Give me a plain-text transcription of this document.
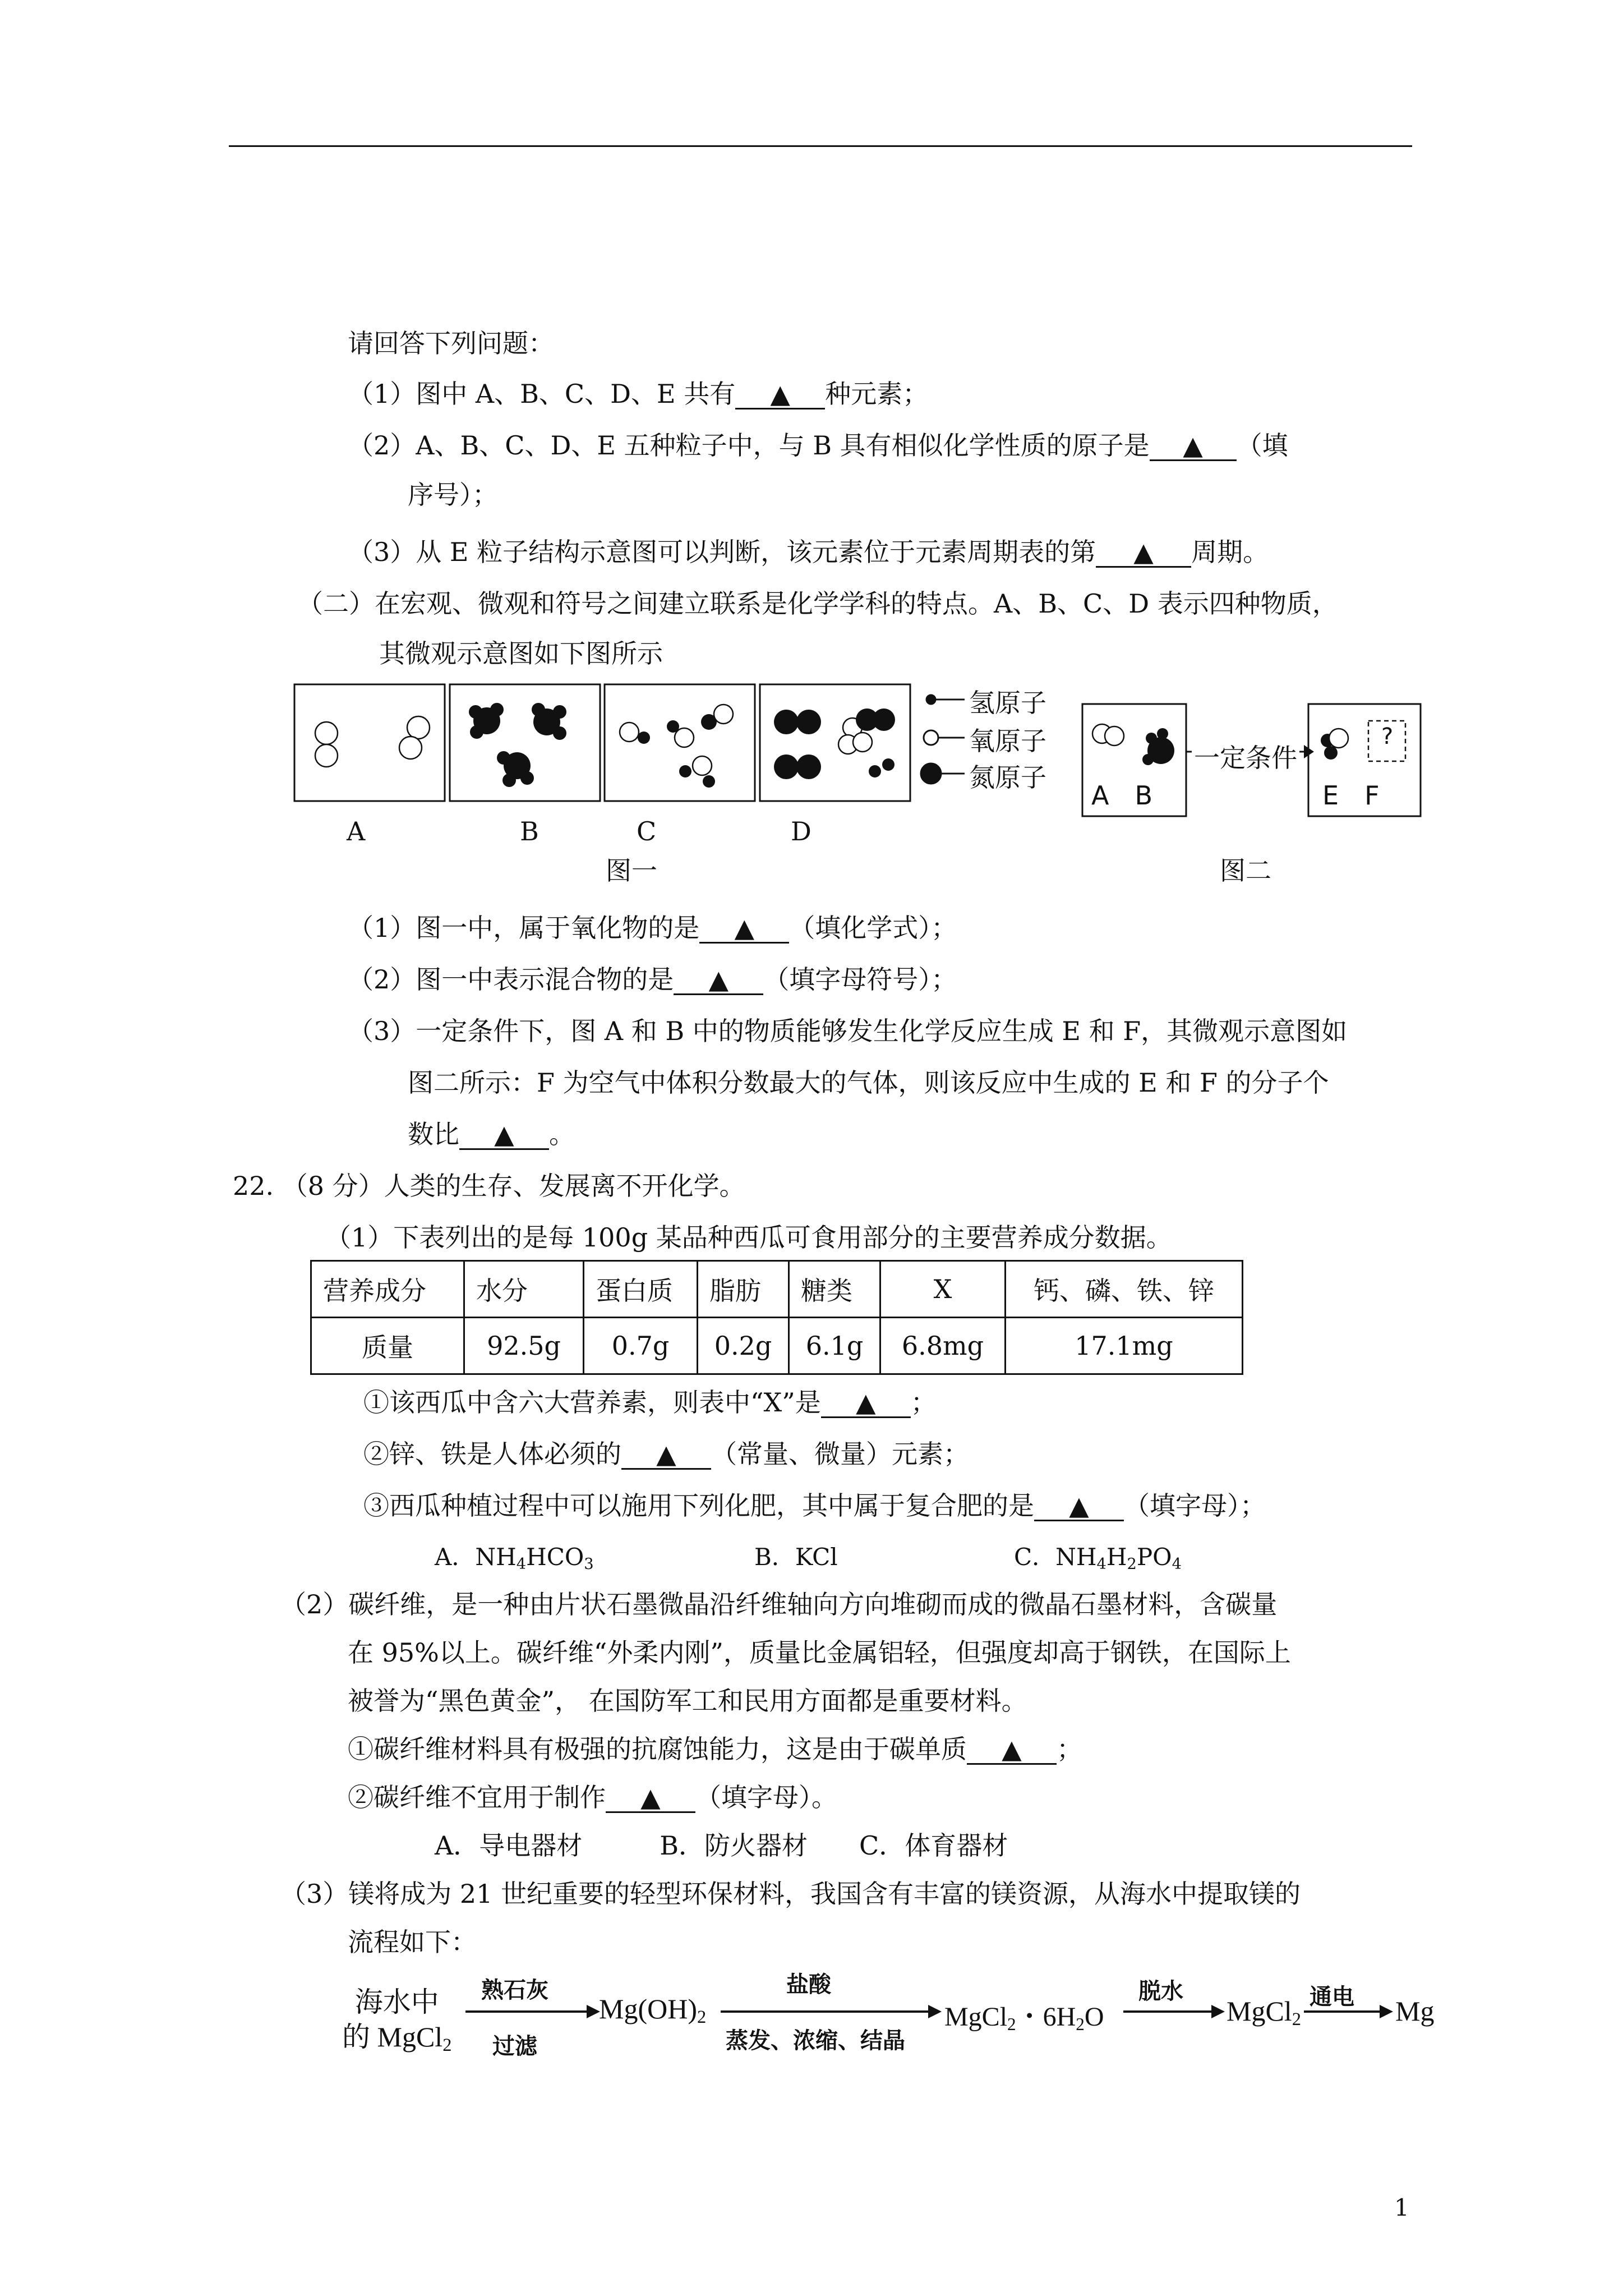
请回答下列问题：
（1）图中 A、B、C、D、E 共有 ▲ 种元素；
（2）A、B、C、D、E 五种粒子中，与 B 具有相似化学性质的原子是 ▲ （填
序号）；
（3）从 E 粒子结构示意图可以判断，该元素位于元素周期表的第 ▲ 周期。
（二）在宏观、微观和符号之间建立联系是化学学科的特点。A、B、C、D 表示四种物质，
其微观示意图如下图所示
氢原子
氧原子
氮原子
A	B	C	D
图一
一定条件
?
A　B	E　F
图二
（1）图一中，属于氧化物的是 ▲ （填化学式）；
（2）图一中表示混合物的是 ▲ （填字母符号）；
（3）一定条件下，图 A 和 B 中的物质能够发生化学反应生成 E 和 F，其微观示意图如
图二所示：F 为空气中体积分数最大的气体，则该反应中生成的 E 和 F 的分子个
数比 ▲ 。
22. （8 分）人类的生存、发展离不开化学。
（1）下表列出的是每 100g 某品种西瓜可食用部分的主要营养成分数据。
营养成分	水分	蛋白质	脂肪	糖类	X	钙、磷、铁、锌
质量	92.5g	0.7g	0.2g	6.1g	6.8mg	17.1mg
①该西瓜中含六大营养素，则表中“X”是 ▲ ；
②锌、铁是人体必须的 ▲ （常量、微量）元素；
③西瓜种植过程中可以施用下列化肥，其中属于复合肥的是 ▲ （填字母）；
A．$NH_4HCO_3$	B．KCl	C．$NH_4H_2PO_4$
（2）碳纤维，是一种由片状石墨微晶沿纤维轴向方向堆砌而成的微晶石墨材料，含碳量
在 95%以上。碳纤维“外柔内刚”，质量比金属铝轻，但强度却高于钢铁，在国际上
被誉为“黑色黄金”， 在国防军工和民用方面都是重要材料。
①碳纤维材料具有极强的抗腐蚀能力，这是由于碳单质 ▲ ；
②碳纤维不宜用于制作 ▲ （填字母）。
A．导电器材　　　B．防火器材　　C．体育器材
（3）镁将成为 21 世纪重要的轻型环保材料，我国含有丰富的镁资源，从海水中提取镁的
流程如下：
海水中
的 MgCl$_2$
熟石灰
过滤
$Mg(OH)_2$
盐酸
蒸发、浓缩、结晶
MgCl$_2$・$6H_2O$
脱水
MgCl$_2$
通电 Mg
1
